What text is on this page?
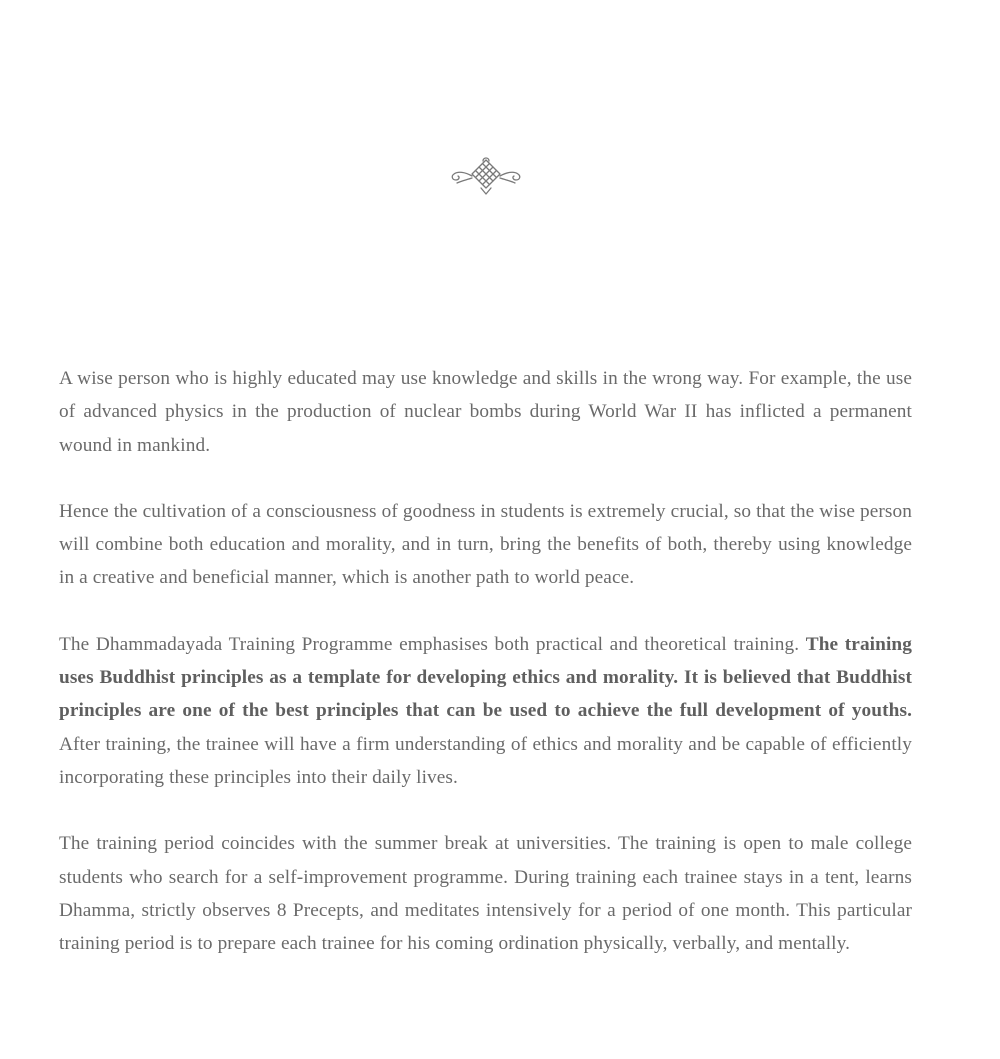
A wise person who is highly educated may use knowledge and skills in the wrong way. For example, the use of advanced physics in the production of nuclear bombs during World War II has inflicted a permanent wound in mankind.

Hence the cultivation of a consciousness of goodness in students is extremely crucial, so that the wise person will combine both education and morality, and in turn, bring the benefits of both, thereby using knowledge in a creative and beneficial manner, which is another path to world peace.

The Dhammadayada Training Programme emphasises both practical and theoretical training. The training uses Buddhist principles as a template for developing ethics and morality. It is believed that Buddhist principles are one of the best principles that can be used to achieve the full development of youths. After training, the trainee will have a firm understanding of ethics and morality and be capable of efficiently incorporating these principles into their daily lives.

The training period coincides with the summer break at universities. The training is open to male college students who search for a self-improvement programme. During training each trainee stays in a tent, learns Dhamma, strictly observes 8 Precepts, and meditates intensively for a period of one month. This particular training period is to prepare each trainee for his coming ordination physically, verbally, and mentally.
